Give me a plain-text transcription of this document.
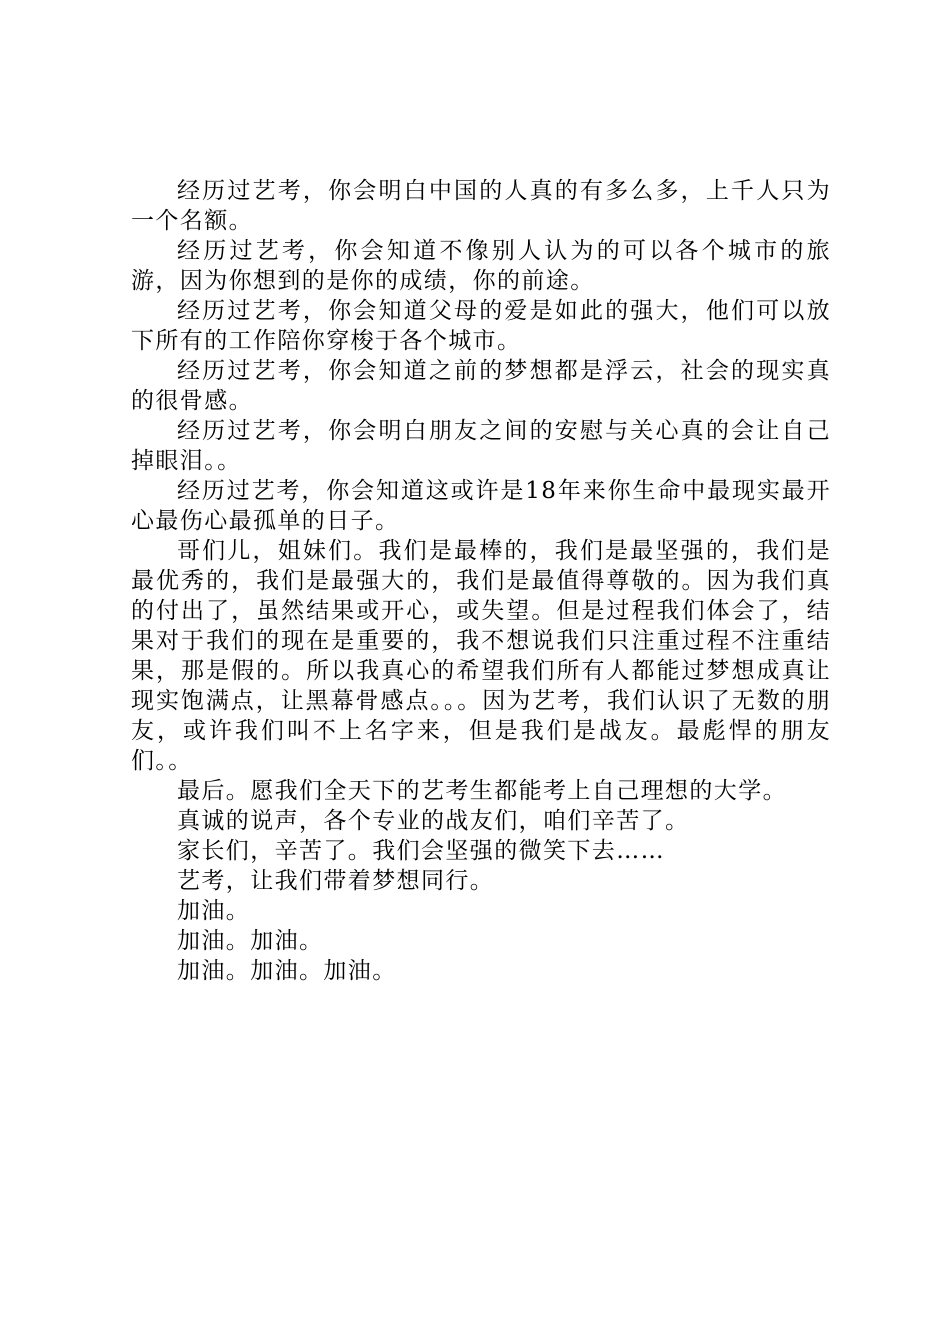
经历过艺考，你会明白中国的人真的有多么多，上千人只为一个名额。

经历过艺考，你会知道不像别人认为的可以各个城市的旅游，因为你想到的是你的成绩，你的前途。

经历过艺考，你会知道父母的爱是如此的强大，他们可以放下所有的工作陪你穿梭于各个城市。

经历过艺考，你会知道之前的梦想都是浮云，社会的现实真的很骨感。

经历过艺考，你会明白朋友之间的安慰与关心真的会让自己掉眼泪。。

经历过艺考，你会知道这或许是18年来你生命中最现实最开心最伤心最孤单的日子。

哥们儿，姐妹们。我们是最棒的，我们是最坚强的，我们是最优秀的，我们是最强大的，我们是最值得尊敬的。因为我们真的付出了，虽然结果或开心，或失望。但是过程我们体会了，结果对于我们的现在是重要的，我不想说我们只注重过程不注重结果，那是假的。所以我真心的希望我们所有人都能过梦想成真让现实饱满点，让黑幕骨感点。。。因为艺考，我们认识了无数的朋友，或许我们叫不上名字来，但是我们是战友。最彪悍的朋友们。。

最后。愿我们全天下的艺考生都能考上自己理想的大学。

真诚的说声，各个专业的战友们，咱们辛苦了。

家长们，辛苦了。我们会坚强的微笑下去……

艺考，让我们带着梦想同行。

加油。

加油。加油。

加油。加油。加油。
